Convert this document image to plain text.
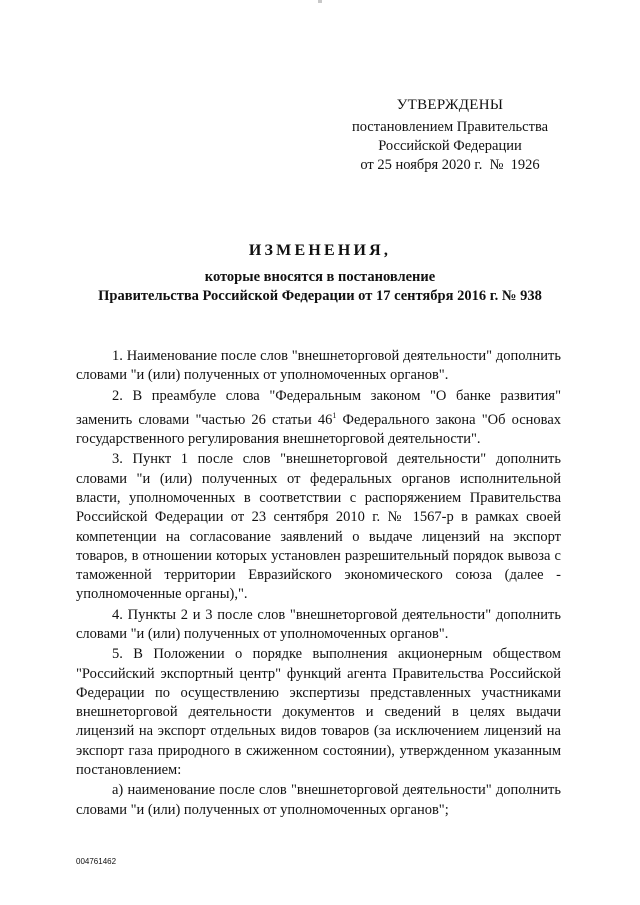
УТВЕРЖДЕНЫ
постановлением Правительства
Российской Федерации
от 25 ноября 2020 г.  №  1926
ИЗМЕНЕНИЯ,
которые вносятся в постановление
Правительства Российской Федерации от 17 сентября 2016 г. № 938

1. Наименование после слов "внешнеторговой деятельности" дополнить словами "и (или) полученных от уполномоченных органов".

2. В преамбуле слова "Федеральным законом "О банке развития" заменить словами "частью 26 статьи $46^1$ Федерального закона "Об основах государственного регулирования внешнеторговой деятельности".

3. Пункт 1 после слов "внешнеторговой деятельности" дополнить словами "и (или) полученных от федеральных органов исполнительной власти, уполномоченных в соответствии с распоряжением Правительства Российской Федерации от 23 сентября 2010 г. № 1567-р в рамках своей компетенции на согласование заявлений о выдаче лицензий на экспорт товаров, в отношении которых установлен разрешительный порядок вывоза с таможенной территории Евразийского экономического союза (далее - уполномоченные органы),".

4. Пункты 2 и 3 после слов "внешнеторговой деятельности" дополнить словами "и (или) полученных от уполномоченных органов".

5. В Положении о порядке выполнения акционерным обществом "Российский экспортный центр" функций агента Правительства Российской Федерации по осуществлению экспертизы представленных участниками внешнеторговой деятельности документов и сведений в целях выдачи лицензий на экспорт отдельных видов товаров (за исключением лицензий на экспорт газа природного в сжиженном состоянии), утвержденном указанным постановлением:

а) наименование после слов "внешнеторговой деятельности" дополнить словами "и (или) полученных от уполномоченных органов";

004761462
